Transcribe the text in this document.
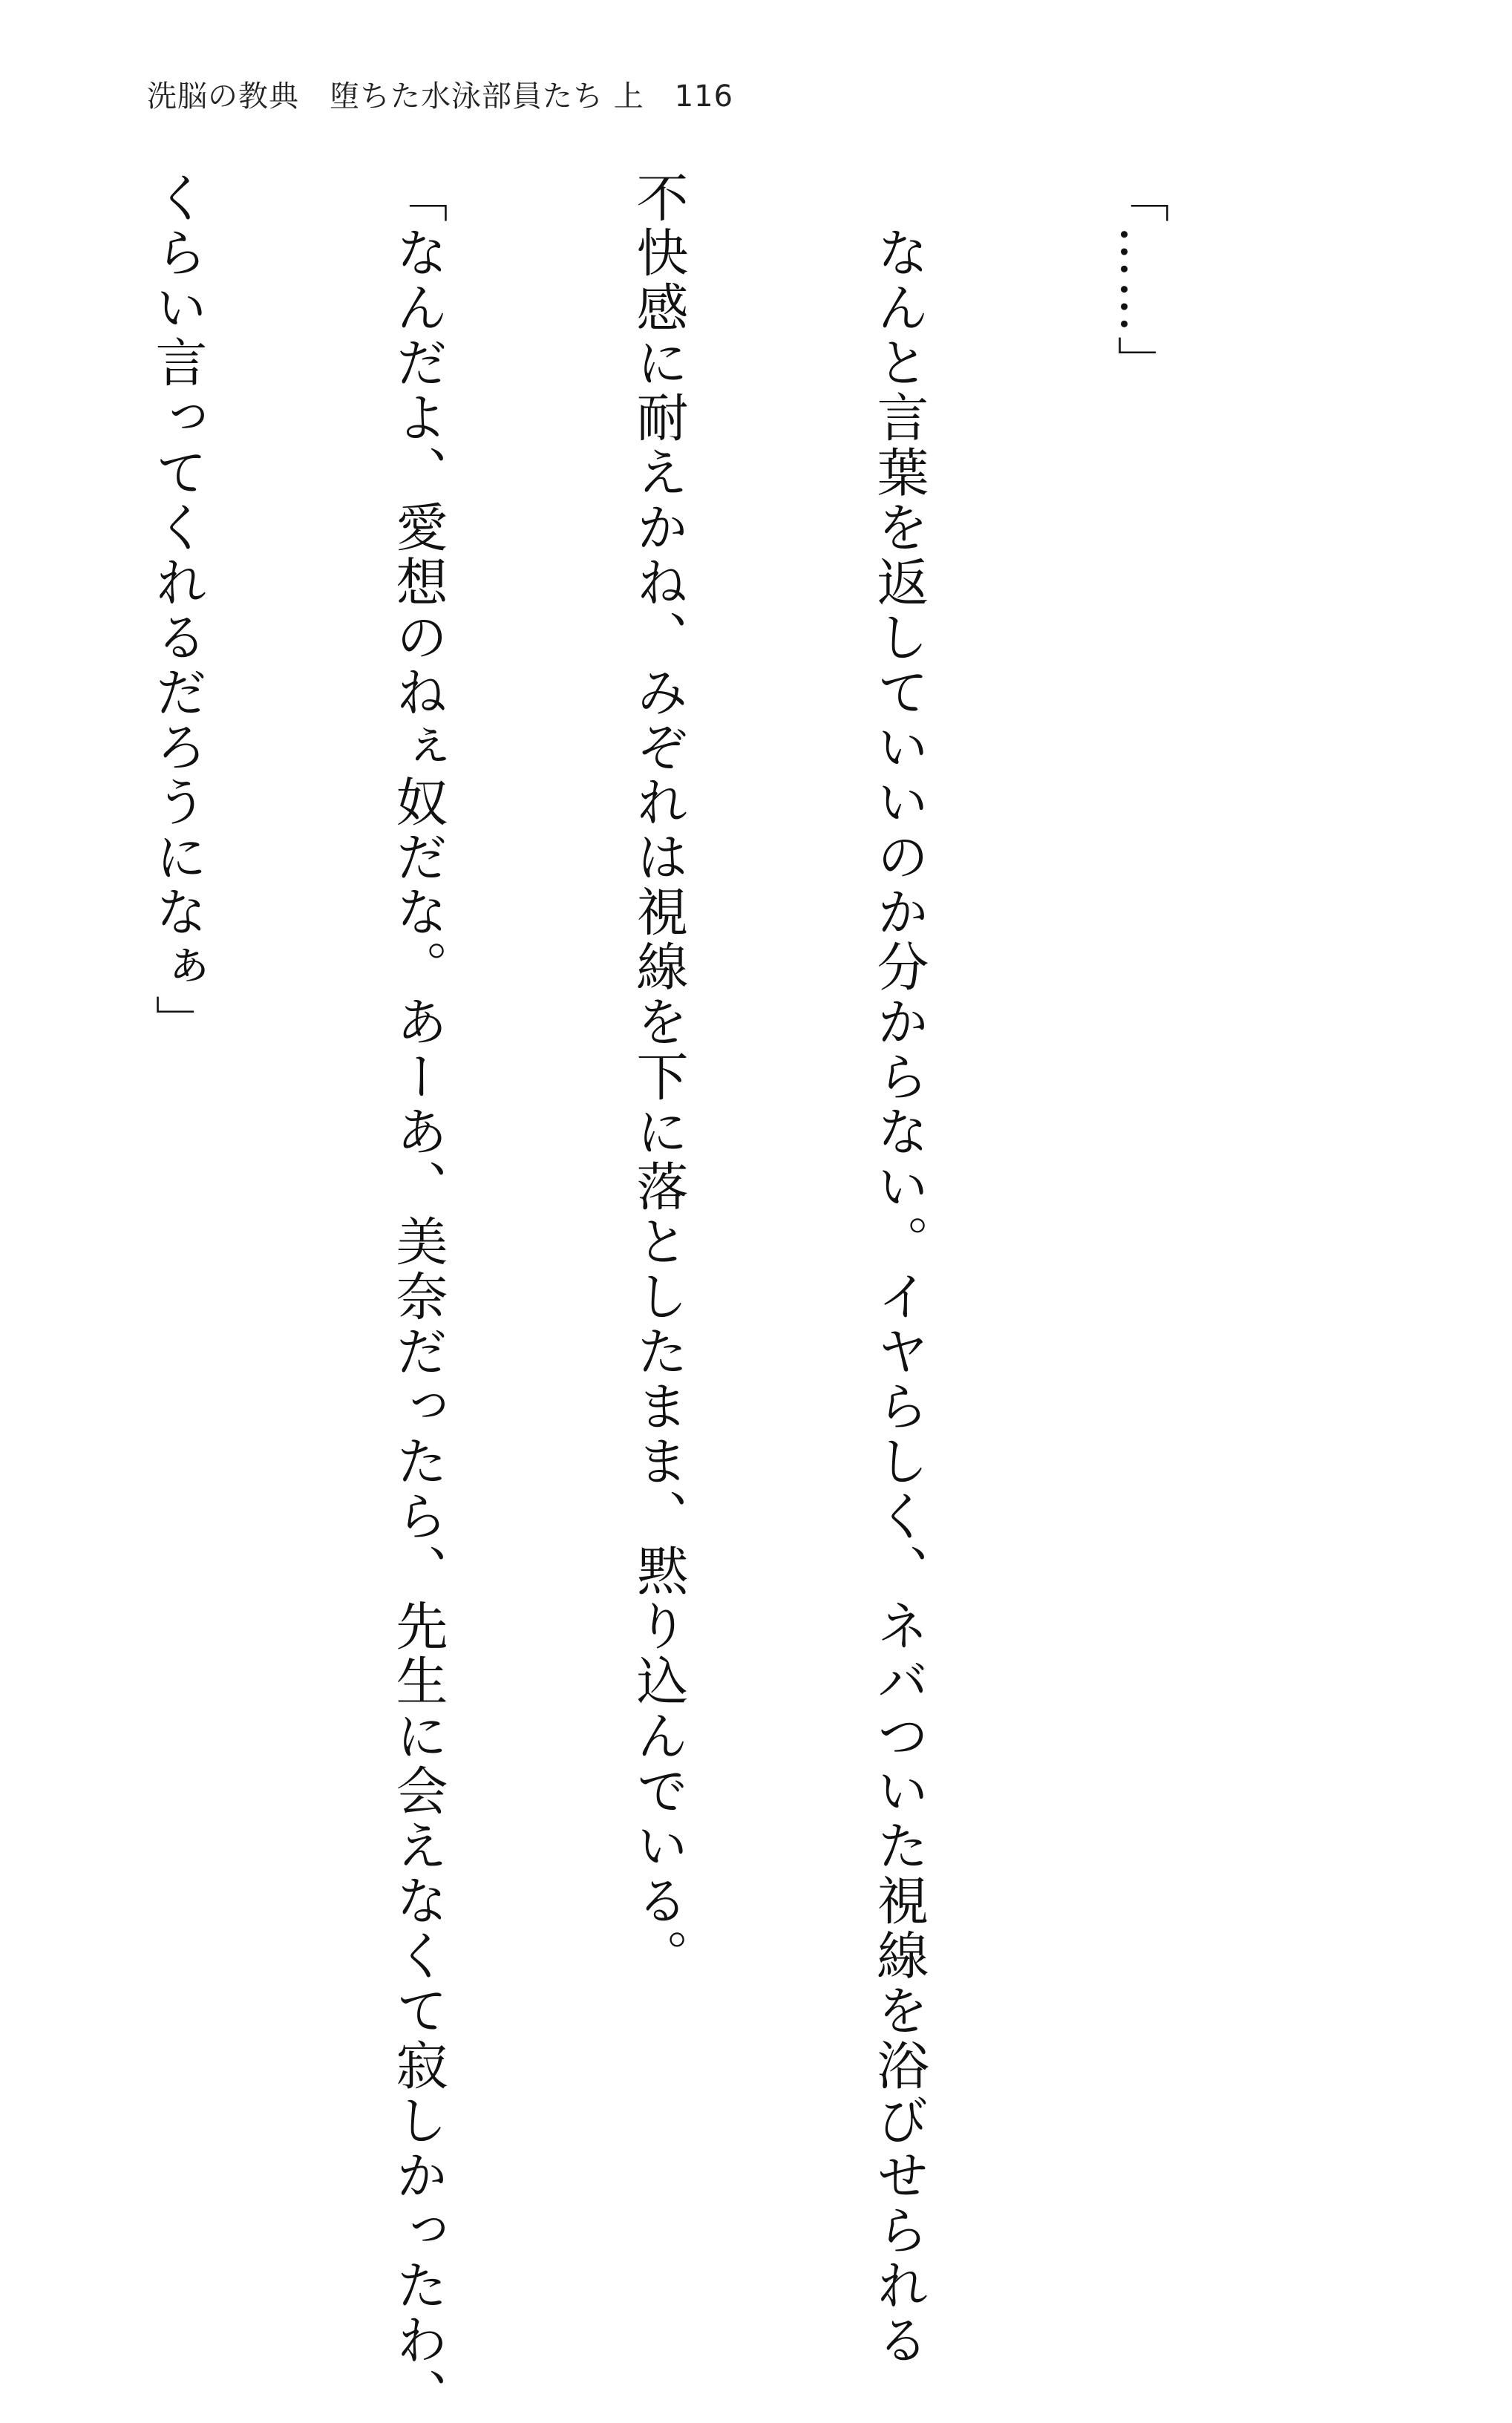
洗脳の教典　堕ちた水泳部員たち 上　116

「……」

　なんと言葉を返していいのか分からない。イヤらしく、ネバついた視線を浴びせられる

不快感に耐えかね、みぞれは視線を下に落としたまま、黙り込んでいる。

「なんだよ、愛想のねぇ奴だな。あーあ、美奈だったら、先生に会えなくて寂しかったわ、

くらい言ってくれるだろうになぁ」
